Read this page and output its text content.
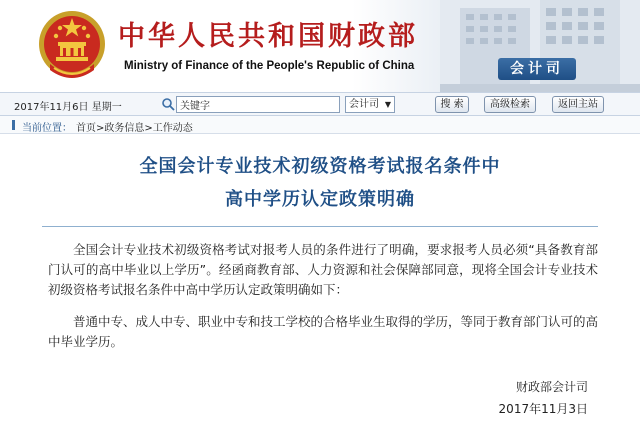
中华人民共和国财政部
Ministry of Finance of the People's Republic of China	会计司
2017年11月6日 星期一
关键字	会计司 ▼	搜 索	高级检索	返回主站
当前位置： 首页>政务信息>工作动态
全国会计专业技术初级资格考试报名条件中
高中学历认定政策明确

全国会计专业技术初级资格考试对报考人员的条件进行了明确，要求报考人员必须“具备教育部门认可的高中毕业以上学历”。经函商教育部、人力资源和社会保障部同意，现将全国会计专业技术初级资格考试报名条件中高中学历认定政策明确如下：

普通中专、成人中专、职业中专和技工学校的合格毕业生取得的学历，等同于教育部门认可的高中毕业学历。

财政部会计司
2017年11月3日
